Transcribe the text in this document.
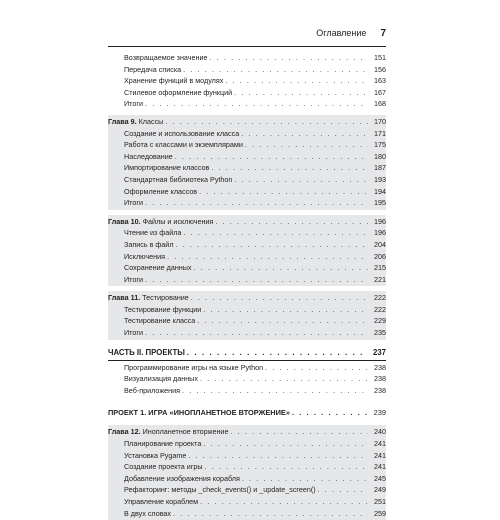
Оглавление 7
Возвращаемое значение . . .	151
Передача списка . . .	156
Хранение функций в модулях . . .	163
Стилевое оформление функций . . .	167
Итоги . . .	168
Глава 9. Классы . . .	170
Создание и использование класса . . .	171
Работа с классами и экземплярами . . .	175
Наследование . . .	180
Импортирование классов . . .	187
Стандартная библиотека Python . . .	193
Оформление классов . . .	194
Итоги . . .	195
Глава 10. Файлы и исключения . . .	196
Чтение из файла . . .	196
Запись в файл . . .	204
Исключения . . .	206
Сохранение данных . . .	215
Итоги . . .	221
Глава 11. Тестирование . . .	222
Тестирование функции . . .	222
Тестирование класса . . .	229
Итоги . . .	235
ЧАСТЬ II. ПРОЕКТЫ . . .	237
Программирование игры на языке Python . . .	238
Визуализация данных . . .	238
Веб-приложения . . .	238
ПРОЕКТ 1. ИГРА «ИНОПЛАНЕТНОЕ ВТОРЖЕНИЕ» . . .	239
Глава 12. Инопланетное вторжение . . .	240
Планирование проекта . . .	241
Установка Pygame . . .	241
Создание проекта игры . . .	241
Добавление изображения корабля . . .	245
Рефакторинг: методы _check_events() и _update_screen() . . .	249
Управление кораблем . . .	251
В двух словах . . .	259
